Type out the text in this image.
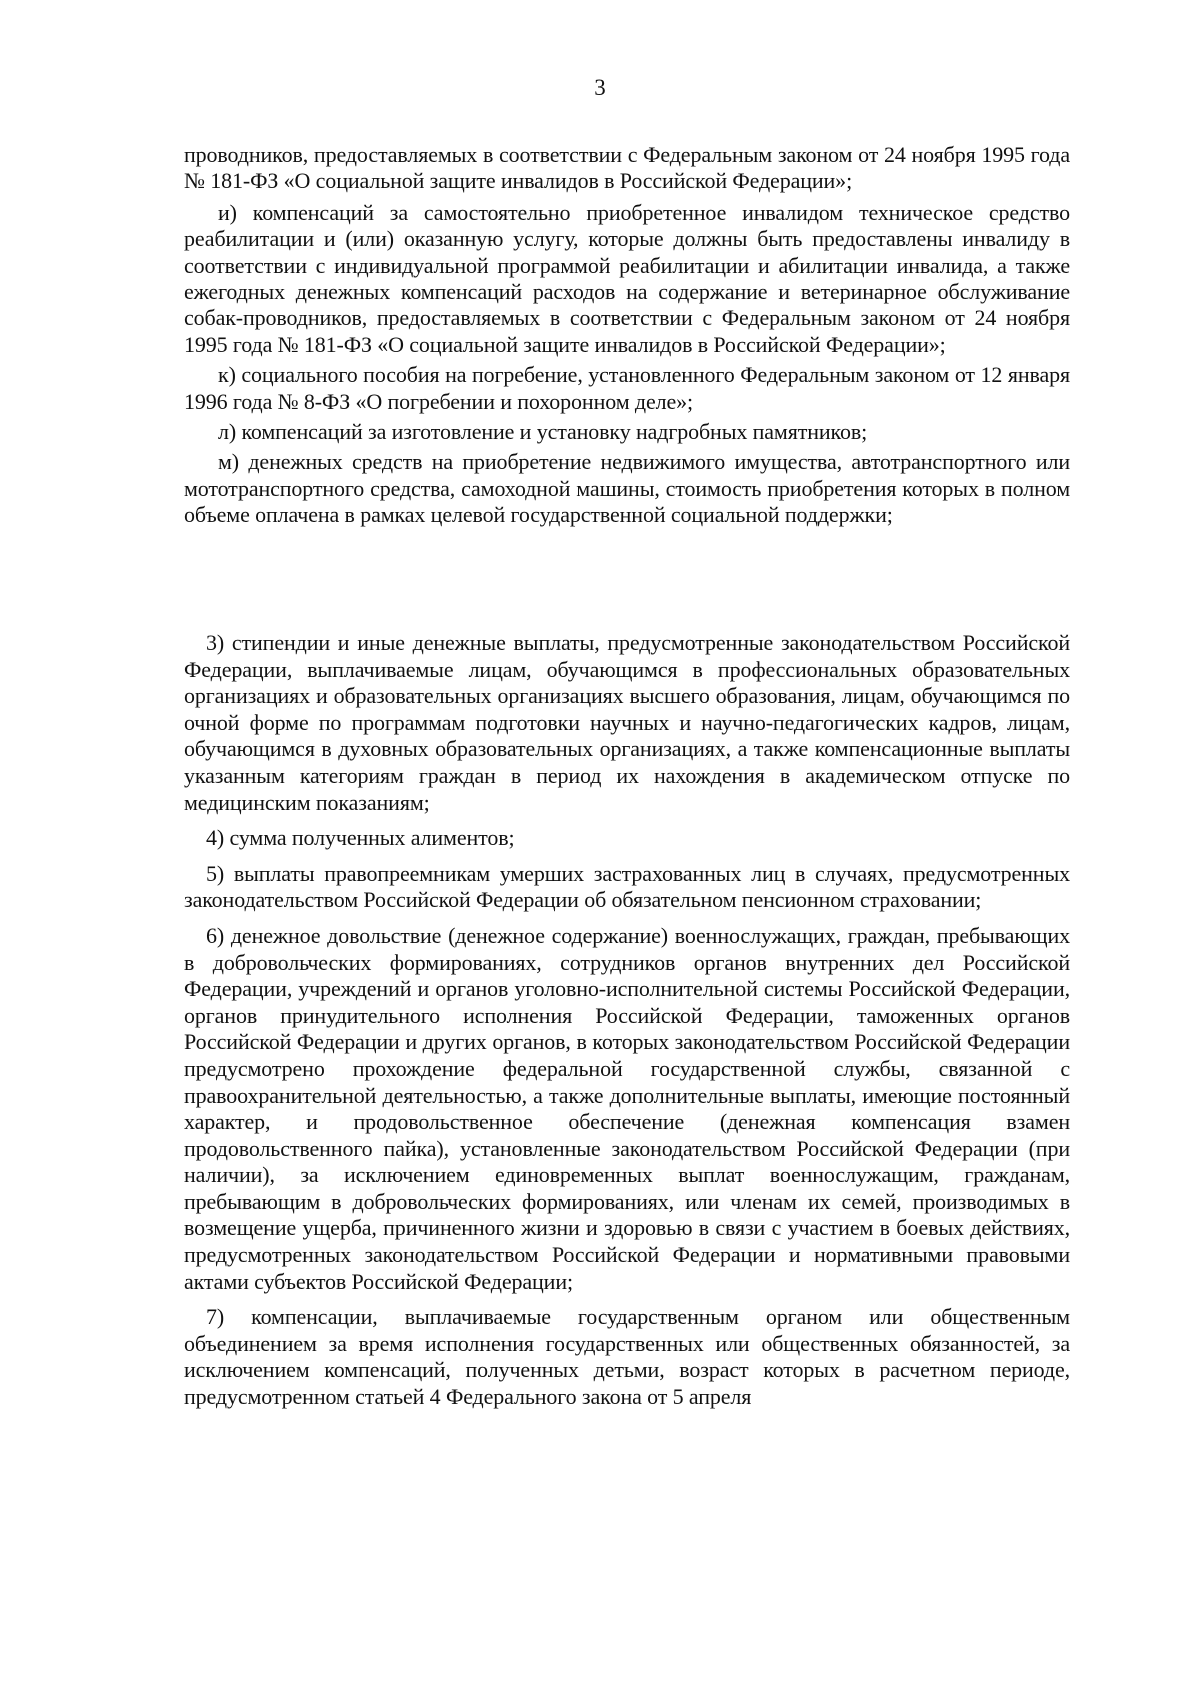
3

проводников, предоставляемых в соответствии с Федеральным законом от 24 ноября 1995 года № 181-ФЗ «О социальной защите инвалидов в Российской Федерации»;

и) компенсаций за самостоятельно приобретенное инвалидом техническое средство реабилитации и (или) оказанную услугу, которые должны быть предоставлены инвалиду в соответствии с индивидуальной программой реабилитации и абилитации инвалида, а также ежегодных денежных компенсаций расходов на содержание и ветеринарное обслуживание собак-проводников, предоставляемых в соответствии с Федеральным законом от 24 ноября 1995 года № 181-ФЗ «О социальной защите инвалидов в Российской Федерации»;

к) социального пособия на погребение, установленного Федеральным законом от 12 января 1996 года № 8-ФЗ «О погребении и похоронном деле»;

л) компенсаций за изготовление и установку надгробных памятников;

м) денежных средств на приобретение недвижимого имущества, автотранспортного или мототранспортного средства, самоходной машины, стоимость приобретения которых в полном объеме оплачена в рамках целевой государственной социальной поддержки;

3) стипендии и иные денежные выплаты, предусмотренные законодательством Российской Федерации, выплачиваемые лицам, обучающимся в профессиональных образовательных организациях и образовательных организациях высшего образования, лицам, обучающимся по очной форме по программам подготовки научных и научно-педагогических кадров, лицам, обучающимся в духовных образовательных организациях, а также компенсационные выплаты указанным категориям граждан в период их нахождения в академическом отпуске по медицинским показаниям;

4) сумма полученных алиментов;

5) выплаты правопреемникам умерших застрахованных лиц в случаях, предусмотренных законодательством Российской Федерации об обязательном пенсионном страховании;

6) денежное довольствие (денежное содержание) военнослужащих, граждан, пребывающих в добровольческих формированиях, сотрудников органов внутренних дел Российской Федерации, учреждений и органов уголовно-исполнительной системы Российской Федерации, органов принудительного исполнения Российской Федерации, таможенных органов Российской Федерации и других органов, в которых законодательством Российской Федерации предусмотрено прохождение федеральной государственной службы, связанной с правоохранительной деятельностью, а также дополнительные выплаты, имеющие постоянный характер, и продовольственное обеспечение (денежная компенсация взамен продовольственного пайка), установленные законодательством Российской Федерации (при наличии), за исключением единовременных выплат военнослужащим, гражданам, пребывающим в добровольческих формированиях, или членам их семей, производимых в возмещение ущерба, причиненного жизни и здоровью в связи с участием в боевых действиях, предусмотренных законодательством Российской Федерации и нормативными правовыми актами субъектов Российской Федерации;

7) компенсации, выплачиваемые государственным органом или общественным объединением за время исполнения государственных или общественных обязанностей, за исключением компенсаций, полученных детьми, возраст которых в расчетном периоде, предусмотренном статьей 4 Федерального закона от 5 апреля
